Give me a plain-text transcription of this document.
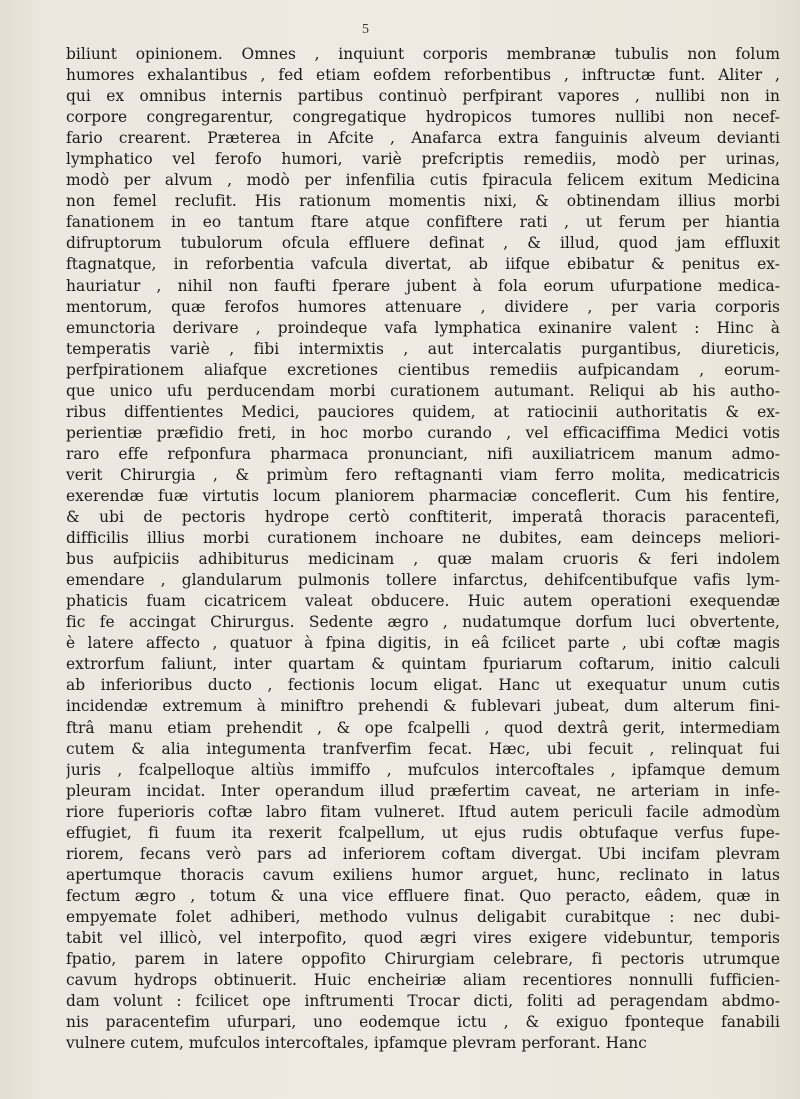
5
biliunt opinionem. Omnes , inquiunt corporis membranæ tubulis non folum
humores exhalantibus , fed etiam eofdem reforbentibus , inftructæ funt. Aliter ,
qui ex omnibus internis partibus continuò perfpirant vapores , nullibi non in
corpore congregarentur, congregatique hydropicos tumores nullibi non necef-
fario crearent. Præterea in Afcite , Anafarca extra fanguinis alveum devianti
lymphatico vel ferofo humori, variè prefcriptis remediis, modò per urinas,
modò per alvum , modò per infenfilia cutis fpiracula felicem exitum Medicina
non femel reclufit. His rationum momentis nixi, & obtinendam illius morbi
fanationem in eo tantum ftare atque confiftere rati , ut ferum per hiantia
difruptorum tubulorum ofcula effluere definat , & illud, quod jam effluxit
ftagnatque, in reforbentia vafcula divertat, ab iifque ebibatur & penitus ex-
hauriatur , nihil non faufti fperare jubent à fola eorum ufurpatione medica-
mentorum, quæ ferofos humores attenuare , dividere , per varia corporis
emunctoria derivare , proindeque vafa lymphatica exinanire valent : Hinc à
temperatis variè , fibi intermixtis , aut intercalatis purgantibus, diureticis,
perfpirationem aliafque excretiones cientibus remediis aufpicandam , eorum-
que unico ufu perducendam morbi curationem autumant. Reliqui ab his autho-
ribus diffentientes Medici, pauciores quidem, at ratiocinii authoritatis & ex-
perientiæ præfidio freti, in hoc morbo curando , vel efficaciffima Medici votis
raro effe refponfura pharmaca pronunciant, nifi auxiliatricem manum admo-
verit Chirurgia , & primùm fero reftagnanti viam ferro molita, medicatricis
exerendæ fuæ virtutis locum planiorem pharmaciæ conceflerit. Cum his fentire,
& ubi de pectoris hydrope certò conftiterit, imperatâ thoracis paracentefi,
difficilis illius morbi curationem inchoare ne dubites, eam deinceps meliori-
bus aufpiciis adhibiturus medicinam , quæ malam cruoris & feri indolem
emendare , glandularum pulmonis tollere infarctus, dehifcentibufque vafis lym-
phaticis fuam cicatricem valeat obducere. Huic autem operationi exequendæ
fic fe accingat Chirurgus. Sedente ægro , nudatumque dorfum luci obvertente,
è latere affecto , quatuor à fpina digitis, in eâ fcilicet parte , ubi coftæ magis
extrorfum faliunt, inter quartam & quintam fpuriarum coftarum, initio calculi
ab inferioribus ducto , fectionis locum eligat. Hanc ut exequatur unum cutis
incidendæ extremum à miniftro prehendi & fublevari jubeat, dum alterum fini-
ftrâ manu etiam prehendit , & ope fcalpelli , quod dextrâ gerit, intermediam
cutem & alia integumenta tranfverfim fecat. Hæc, ubi fecuit , relinquat fui
juris , fcalpelloque altiùs immiffo , mufculos intercoftales , ipfamque demum
pleuram incidat. Inter operandum illud præfertim caveat, ne arteriam in infe-
riore fuperioris coftæ labro fitam vulneret. Iftud autem periculi facile admodùm
effugiet, fi fuum ita rexerit fcalpellum, ut ejus rudis obtufaque verfus fupe-
riorem, fecans verò pars ad inferiorem coftam divergat. Ubi incifam plevram
apertumque thoracis cavum exiliens humor arguet, hunc, reclinato in latus
fectum ægro , totum & una vice effluere finat. Quo peracto, eâdem, quæ in
empyemate folet adhiberi, methodo vulnus deligabit curabitque : nec dubi-
tabit vel illicò, vel interpofito, quod ægri vires exigere videbuntur, temporis
fpatio, parem in latere oppofito Chirurgiam celebrare, fi pectoris utrumque
cavum hydrops obtinuerit. Huic encheiriæ aliam recentiores nonnulli fufficien-
dam volunt : fcilicet ope inftrumenti Trocar dicti, foliti ad peragendam abdmo-
nis paracentefim ufurpari, uno eodemque ictu , & exiguo fponteque fanabili
vulnere cutem, mufculos intercoftales, ipfamque plevram perforant. Hanc
